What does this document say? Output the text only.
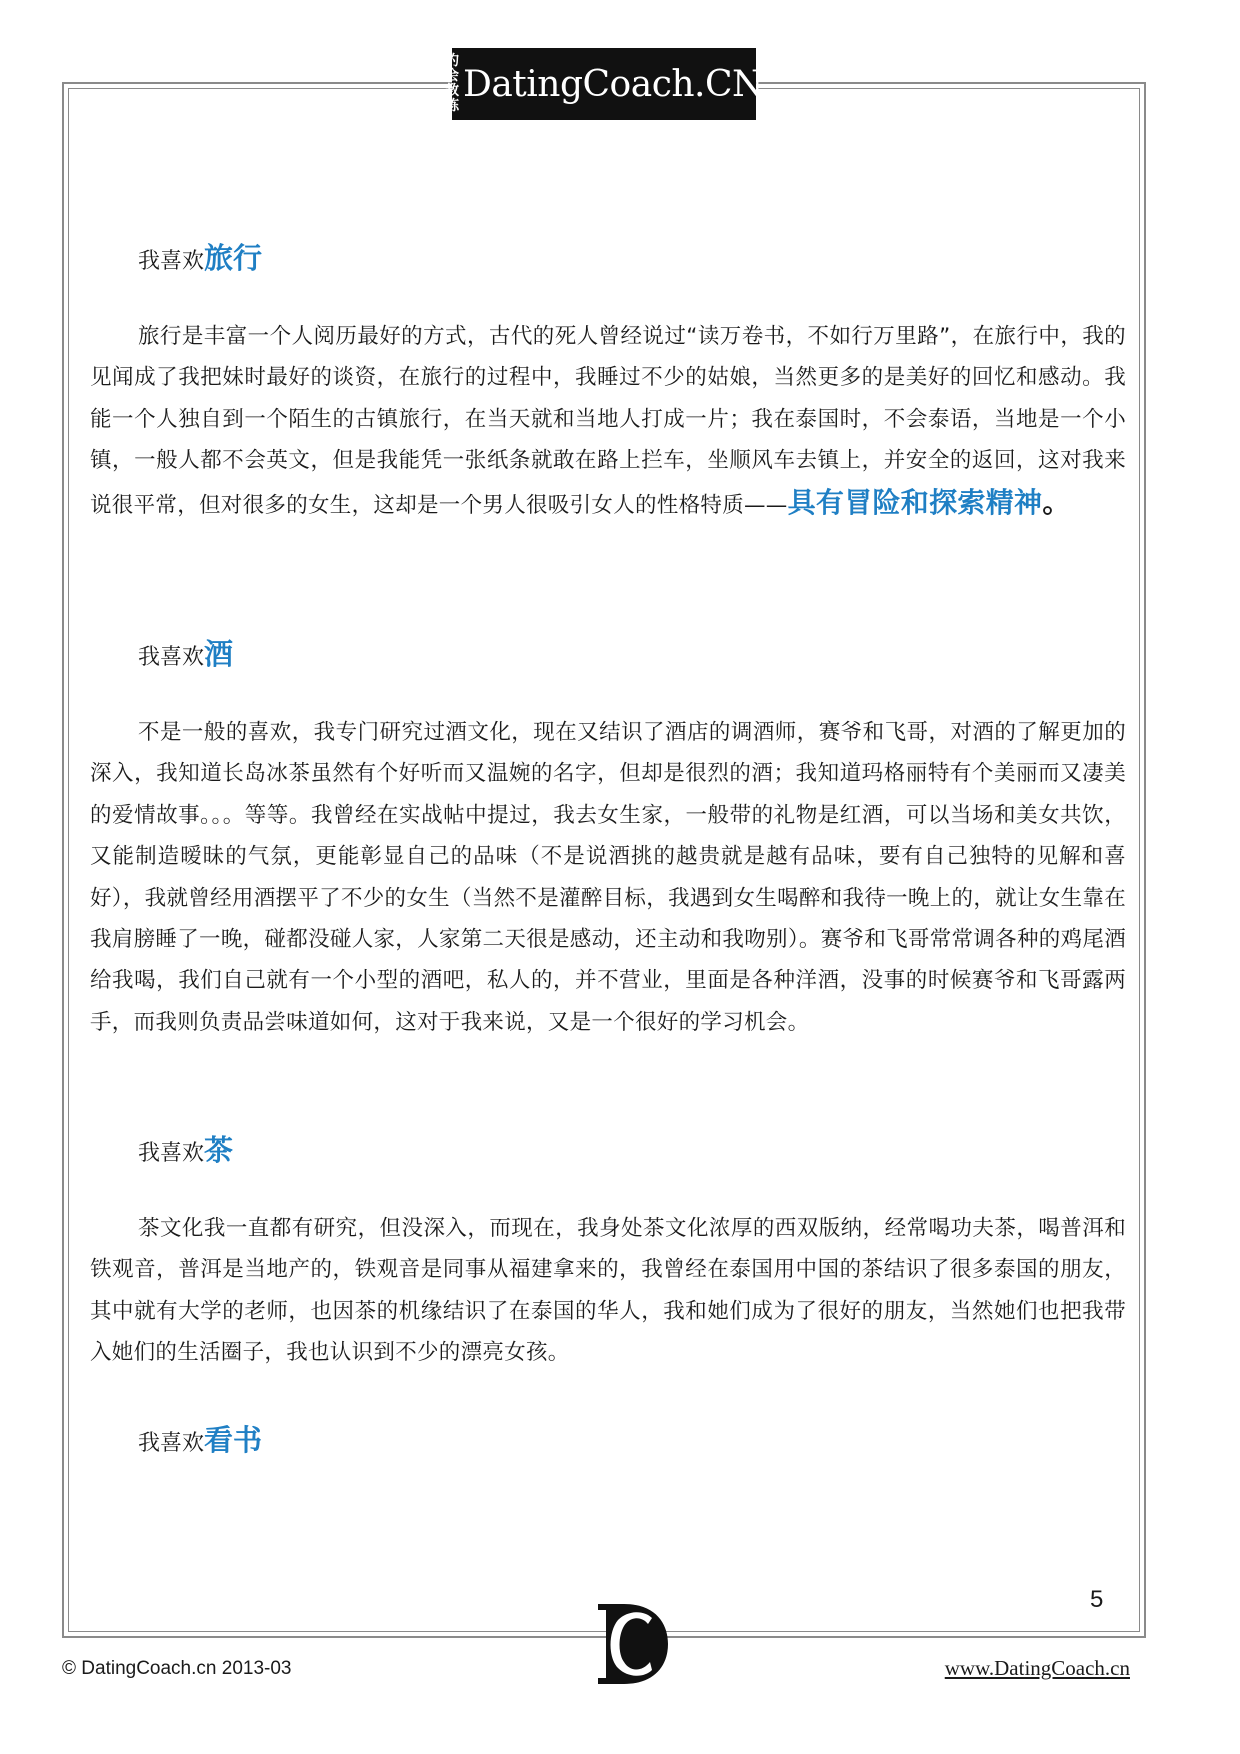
约会
教练
DatingCoach.CN
我喜欢旅行

旅行是丰富一个人阅历最好的方式，古代的死人曾经说过“读万卷书，不如行万里路”，在旅行中，我的见闻成了我把妹时最好的谈资，在旅行的过程中，我睡过不少的姑娘，当然更多的是美好的回忆和感动。我能一个人独自到一个陌生的古镇旅行，在当天就和当地人打成一片；我在泰国时，不会泰语，当地是一个小镇，一般人都不会英文，但是我能凭一张纸条就敢在路上拦车，坐顺风车去镇上，并安全的返回，这对我来说很平常，但对很多的女生，这却是一个男人很吸引女人的性格特质——具有冒险和探索精神。

我喜欢酒

不是一般的喜欢，我专门研究过酒文化，现在又结识了酒店的调酒师，赛爷和飞哥，对酒的了解更加的深入，我知道长岛冰茶虽然有个好听而又温婉的名字，但却是很烈的酒；我知道玛格丽特有个美丽而又凄美的爱情故事。。。等等。我曾经在实战帖中提过，我去女生家，一般带的礼物是红酒，可以当场和美女共饮，又能制造暧昧的气氛，更能彰显自己的品味（不是说酒挑的越贵就是越有品味，要有自己独特的见解和喜好），我就曾经用酒摆平了不少的女生（当然不是灌醉目标，我遇到女生喝醉和我待一晚上的，就让女生靠在我肩膀睡了一晚，碰都没碰人家，人家第二天很是感动，还主动和我吻别）。赛爷和飞哥常常调各种的鸡尾酒给我喝，我们自己就有一个小型的酒吧，私人的，并不营业，里面是各种洋酒，没事的时候赛爷和飞哥露两手，而我则负责品尝味道如何，这对于我来说，又是一个很好的学习机会。

我喜欢茶

茶文化我一直都有研究，但没深入，而现在，我身处茶文化浓厚的西双版纳，经常喝功夫茶，喝普洱和铁观音，普洱是当地产的，铁观音是同事从福建拿来的，我曾经在泰国用中国的茶结识了很多泰国的朋友，其中就有大学的老师，也因茶的机缘结识了在泰国的华人，我和她们成为了很好的朋友，当然她们也把我带入她们的生活圈子，我也认识到不少的漂亮女孩。

我喜欢看书
5
© DatingCoach.cn 2013-03	www.DatingCoach.cn
